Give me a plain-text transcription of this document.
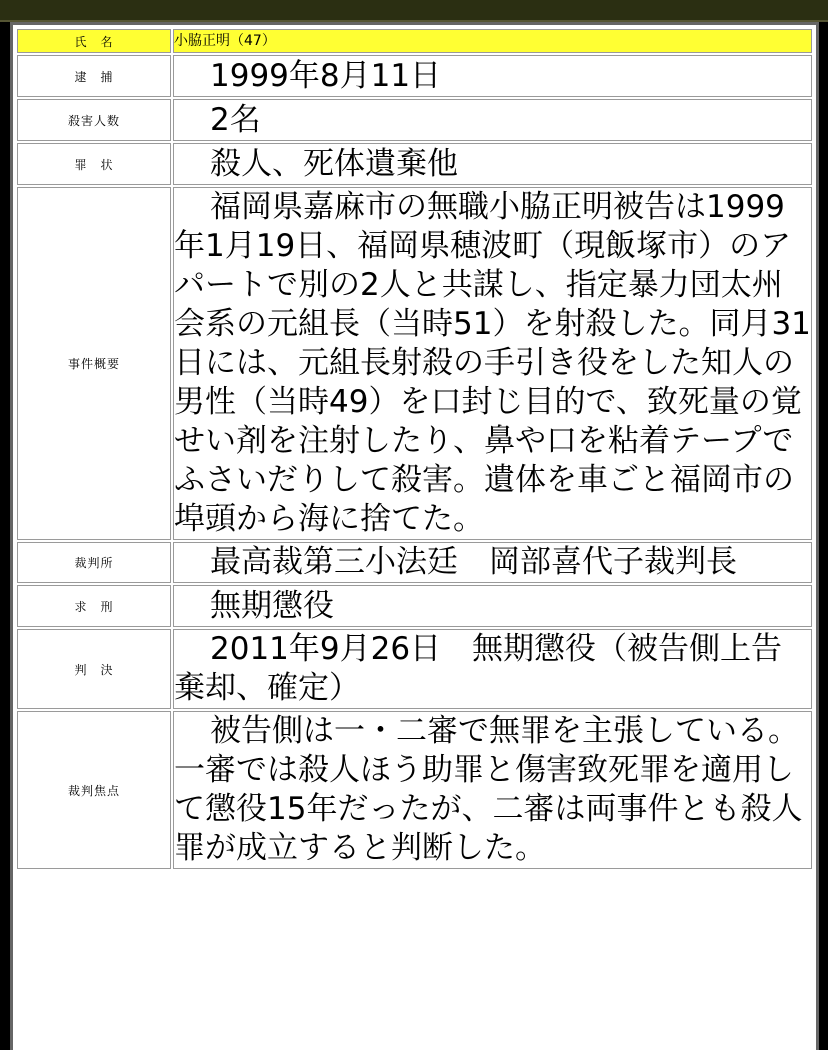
氏　名	小脇正明（47）

逮　捕	1999年8月11日

殺害人数	2名

罪　状	殺人、死体遺棄他

事件概要	福岡県嘉麻市の無職小脇正明被告は1999年1月19日、福岡県穂波町（現飯塚市）のアパートで別の2人と共謀し、指定暴力団太州会系の元組長（当時51）を射殺した。同月31日には、元組長射殺の手引き役をした知人の男性（当時49）を口封じ目的で、致死量の覚せい剤を注射したり、鼻や口を粘着テープでふさいだりして殺害。遺体を車ごと福岡市の埠頭から海に捨てた。

裁判所	最高裁第三小法廷　岡部喜代子裁判長

求　刑	無期懲役

判　決	2011年9月26日　無期懲役（被告側上告棄却、確定）

裁判焦点	被告側は一・二審で無罪を主張している。一審では殺人ほう助罪と傷害致死罪を適用して懲役15年だったが、二審は両事件とも殺人罪が成立すると判断した。
